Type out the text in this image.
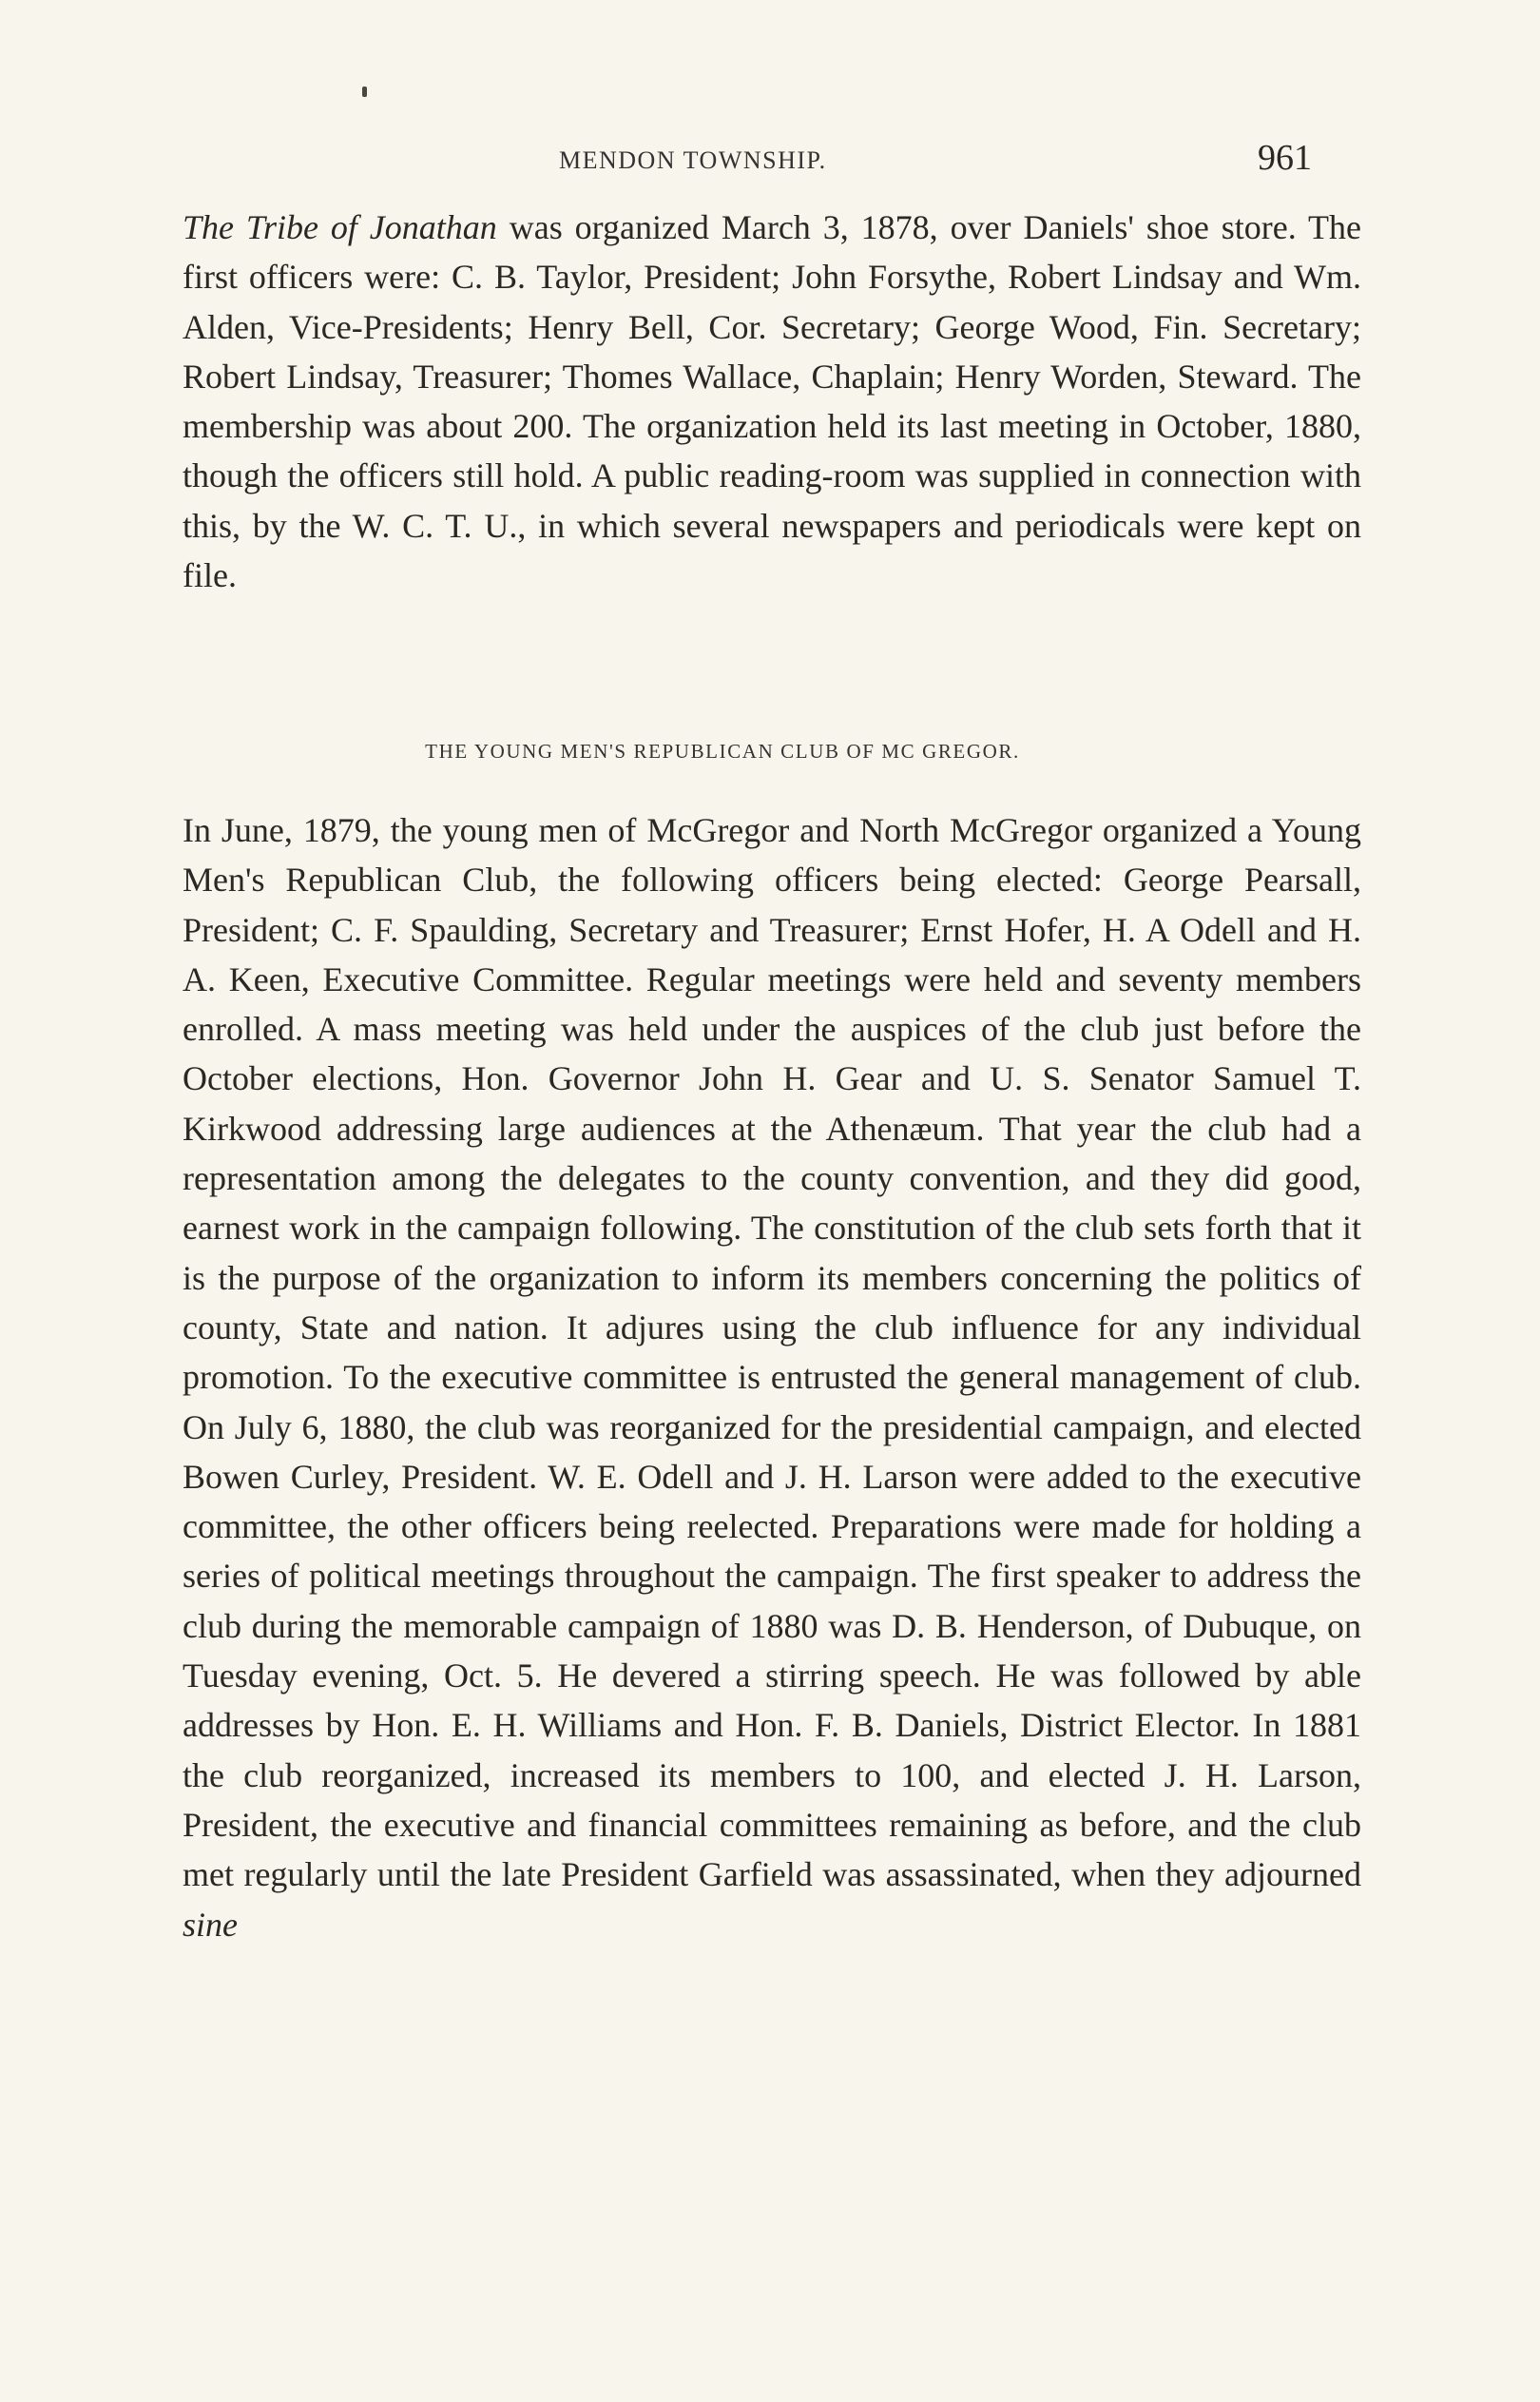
MENDON TOWNSHIP.	961

The Tribe of Jonathan was organized March 3, 1878, over Daniels' shoe store. The first officers were: C. B. Taylor, President; John Forsythe, Robert Lindsay and Wm. Alden, Vice-Presidents; Henry Bell, Cor. Secretary; George Wood, Fin. Secretary; Robert Lindsay, Treasurer; Thomes Wallace, Chaplain; Henry Worden, Steward. The membership was about 200. The organization held its last meeting in October, 1880, though the officers still hold. A public reading-room was supplied in connection with this, by the W. C. T. U., in which several newspapers and periodicals were kept on file.

THE YOUNG MEN'S REPUBLICAN CLUB OF MC GREGOR.

In June, 1879, the young men of McGregor and North McGregor organized a Young Men's Republican Club, the following officers being elected: George Pearsall, President; C. F. Spaulding, Secretary and Treasurer; Ernst Hofer, H. A Odell and H. A. Keen, Executive Committee. Regular meetings were held and seventy members enrolled. A mass meeting was held under the auspices of the club just before the October elections, Hon. Governor John H. Gear and U. S. Senator Samuel T. Kirkwood addressing large audiences at the Athenæum. That year the club had a representation among the delegates to the county convention, and they did good, earnest work in the campaign following. The constitution of the club sets forth that it is the purpose of the organization to inform its members concerning the politics of county, State and nation. It adjures using the club influence for any individual promotion. To the executive committee is entrusted the general management of club. On July 6, 1880, the club was reorganized for the presidential campaign, and elected Bowen Curley, President. W. E. Odell and J. H. Larson were added to the executive committee, the other officers being reelected. Preparations were made for holding a series of political meetings throughout the campaign. The first speaker to address the club during the memorable campaign of 1880 was D. B. Henderson, of Dubuque, on Tuesday evening, Oct. 5. He devered a stirring speech. He was followed by able addresses by Hon. E. H. Williams and Hon. F. B. Daniels, District Elector. In 1881 the club reorganized, increased its members to 100, and elected J. H. Larson, President, the executive and financial committees remaining as before, and the club met regularly until the late President Garfield was assassinated, when they adjourned sine
